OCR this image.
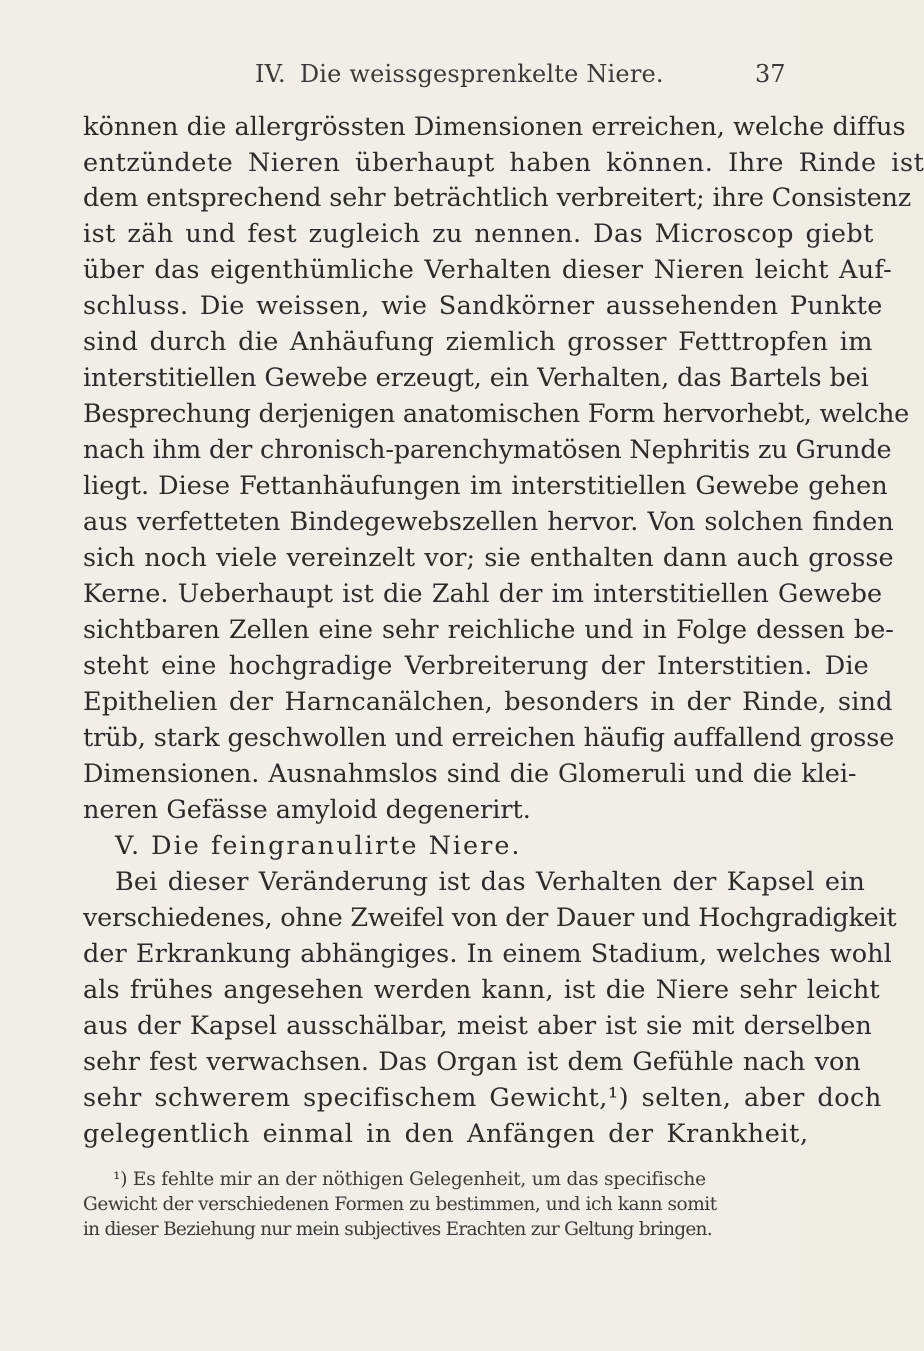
IV. Die weissgesprenkelte Niere.	37
können die allergrössten Dimensionen erreichen, welche diffus
entzündete Nieren überhaupt haben können. Ihre Rinde ist
dem entsprechend sehr beträchtlich verbreitert; ihre Consistenz
ist zäh und fest zugleich zu nennen. Das Microscop giebt
über das eigenthümliche Verhalten dieser Nieren leicht Auf-
schluss. Die weissen, wie Sandkörner aussehenden Punkte
sind durch die Anhäufung ziemlich grosser Fetttropfen im
interstitiellen Gewebe erzeugt, ein Verhalten, das Bartels bei
Besprechung derjenigen anatomischen Form hervorhebt, welche
nach ihm der chronisch-parenchymatösen Nephritis zu Grunde
liegt. Diese Fettanhäufungen im interstitiellen Gewebe gehen
aus verfetteten Bindegewebszellen hervor. Von solchen finden
sich noch viele vereinzelt vor; sie enthalten dann auch grosse
Kerne. Ueberhaupt ist die Zahl der im interstitiellen Gewebe
sichtbaren Zellen eine sehr reichliche und in Folge dessen be-
steht eine hochgradige Verbreiterung der Interstitien. Die
Epithelien der Harncanälchen, besonders in der Rinde, sind
trüb, stark geschwollen und erreichen häufig auffallend grosse
Dimensionen. Ausnahmslos sind die Glomeruli und die klei-
neren Gefässe amyloid degenerirt.
V. Die feingranulirte Niere.
Bei dieser Veränderung ist das Verhalten der Kapsel ein
verschiedenes, ohne Zweifel von der Dauer und Hochgradigkeit
der Erkrankung abhängiges. In einem Stadium, welches wohl
als frühes angesehen werden kann, ist die Niere sehr leicht
aus der Kapsel ausschälbar, meist aber ist sie mit derselben
sehr fest verwachsen. Das Organ ist dem Gefühle nach von
sehr schwerem specifischem Gewicht,¹) selten, aber doch
gelegentlich einmal in den Anfängen der Krankheit,
¹) Es fehlte mir an der nöthigen Gelegenheit, um das specifische
Gewicht der verschiedenen Formen zu bestimmen, und ich kann somit
in dieser Beziehung nur mein subjectives Erachten zur Geltung bringen.
